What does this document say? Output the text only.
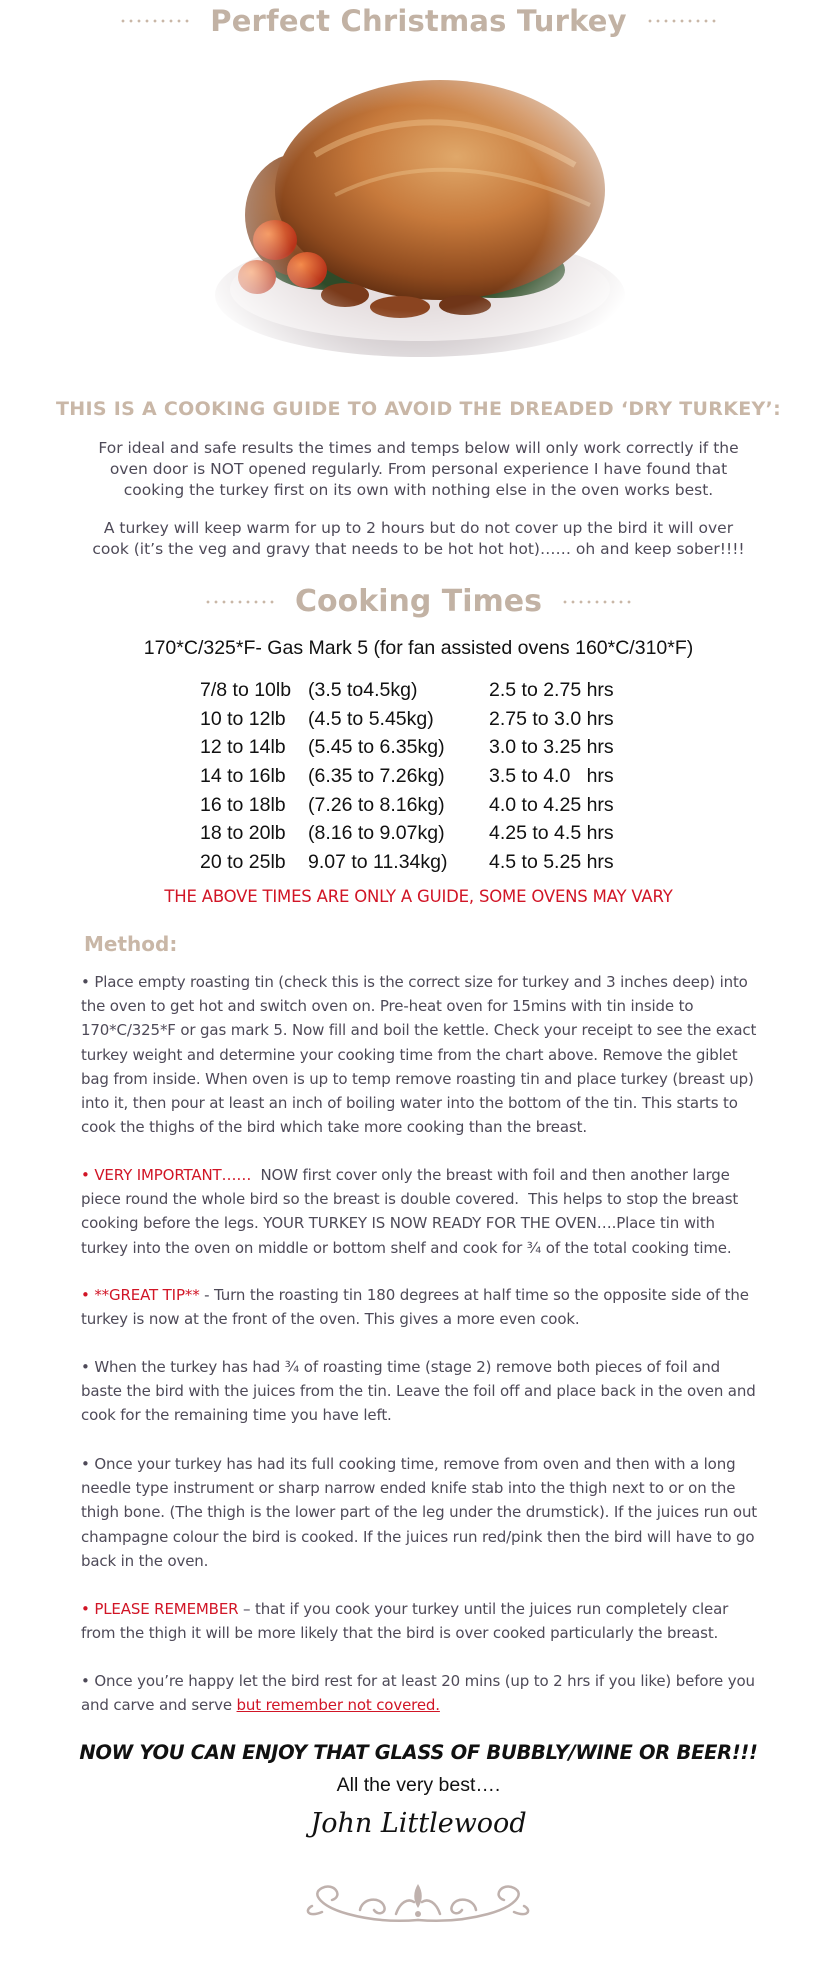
Perfect Christmas Turkey
THIS IS A COOKING GUIDE TO AVOID THE DREADED ‘DRY TURKEY’:
For ideal and safe results the times and temps below will only work correctly if the oven door is NOT opened regularly. From personal experience I have found that cooking the turkey first on its own with nothing else in the oven works best.
A turkey will keep warm for up to 2 hours but do not cover up the bird it will over cook (it’s the veg and gravy that needs to be hot hot hot)…… oh and keep sober!!!!
Cooking Times
170*C/325*F- Gas Mark 5 (for fan assisted ovens 160*C/310*F)
7/8 to 10lb (3.5 to4.5kg)	2.5 to 2.75 hrs
10 to 12lb (4.5 to 5.45kg)	2.75 to 3.0 hrs
12 to 14lb (5.45 to 6.35kg) 3.0 to 3.25 hrs
14 to 16lb (6.35 to 7.26kg) 3.5 to 4.0   hrs
16 to 18lb (7.26 to 8.16kg) 4.0 to 4.25 hrs
18 to 20lb (8.16 to 9.07kg) 4.25 to 4.5 hrs
20 to 25lb 9.07 to 11.34kg) 4.5 to 5.25 hrs
THE ABOVE TIMES ARE ONLY A GUIDE, SOME OVENS MAY VARY
Method:
• Place empty roasting tin (check this is the correct size for turkey and 3 inches deep) into the oven to get hot and switch oven on. Pre-heat oven for 15mins with tin inside to 170*C/325*F or gas mark 5. Now fill and boil the kettle. Check your receipt to see the exact turkey weight and determine your cooking time from the chart above. Remove the giblet bag from inside. When oven is up to temp remove roasting tin and place turkey (breast up) into it, then pour at least an inch of boiling water into the bottom of the tin. This starts to cook the thighs of the bird which take more cooking than the breast.
• VERY IMPORTANT……  NOW first cover only the breast with foil and then another large piece round the whole bird so the breast is double covered.  This helps to stop the breast cooking before the legs. YOUR TURKEY IS NOW READY FOR THE OVEN….Place tin with turkey into the oven on middle or bottom shelf and cook for ¾ of the total cooking time.
• **GREAT TIP** - Turn the roasting tin 180 degrees at half time so the opposite side of the turkey is now at the front of the oven. This gives a more even cook.
• When the turkey has had ¾ of roasting time (stage 2) remove both pieces of foil and baste the bird with the juices from the tin. Leave the foil off and place back in the oven and cook for the remaining time you have left.
• Once your turkey has had its full cooking time, remove from oven and then with a long needle type instrument or sharp narrow ended knife stab into the thigh next to or on the thigh bone. (The thigh is the lower part of the leg under the drumstick). If the juices run out champagne colour the bird is cooked. If the juices run red/pink then the bird will have to go back in the oven.
• PLEASE REMEMBER – that if you cook your turkey until the juices run completely clear from the thigh it will be more likely that the bird is over cooked particularly the breast.
• Once you’re happy let the bird rest for at least 20 mins (up to 2 hrs if you like) before you and carve and serve but remember not covered.
NOW YOU CAN ENJOY THAT GLASS OF BUBBLY/WINE OR BEER!!!
All the very best….
John Littlewood
